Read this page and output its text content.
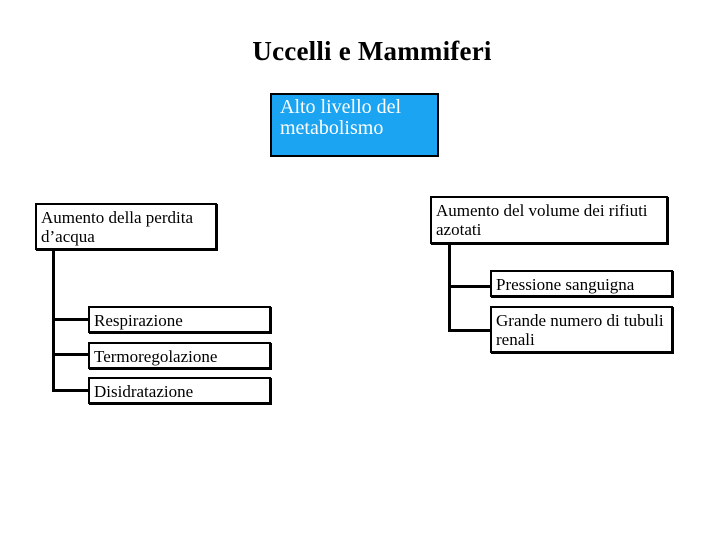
Uccelli e Mammiferi
Alto livello del metabolismo
Aumento della perdita d’acqua
Respirazione
Termoregolazione
Disidratazione
Aumento del volume dei rifiuti azotati
Pressione sanguigna
Grande numero di tubuli renali
